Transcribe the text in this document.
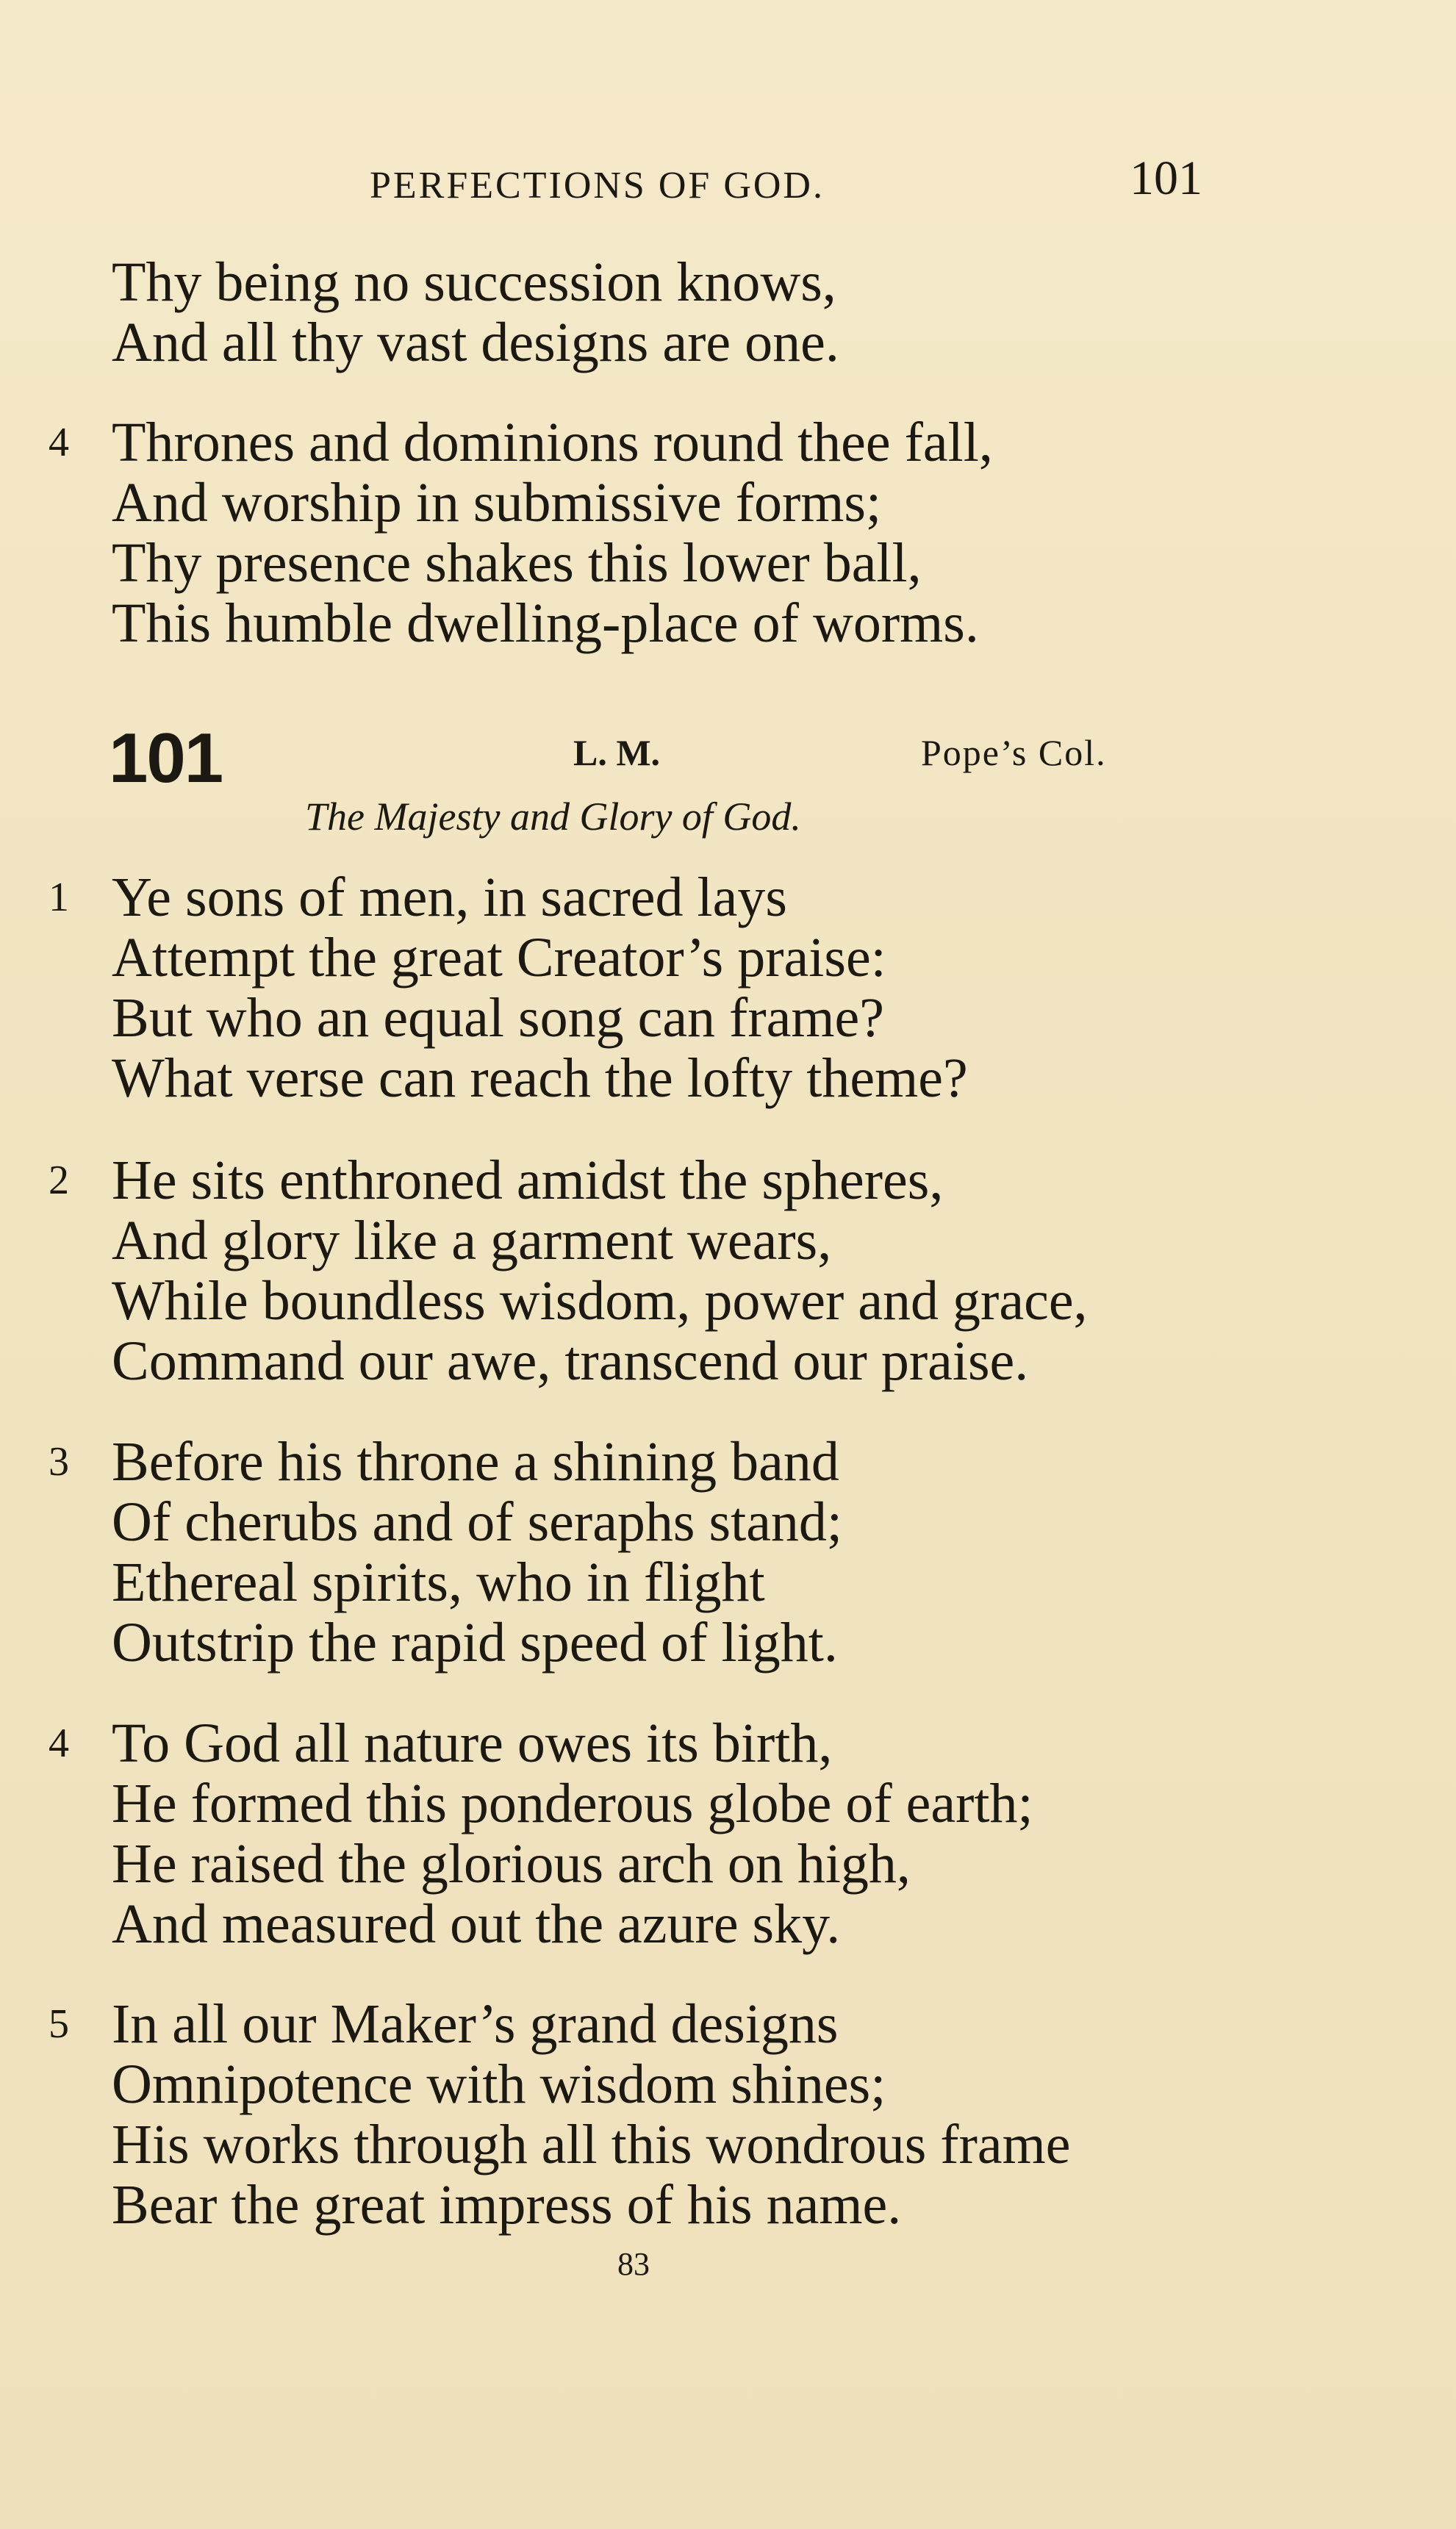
PERFECTIONS OF GOD.	101
Thy being no succession knows,
And all thy vast designs are one.
4 Thrones and dominions round thee fall,
And worship in submissive forms;
Thy presence shakes this lower ball,
This humble dwelling-place of worms.
101	L. M.	Pope’s Col.
The Majesty and Glory of God.
1 Ye sons of men, in sacred lays
Attempt the great Creator’s praise:
But who an equal song can frame?
What verse can reach the lofty theme?
2 He sits enthroned amidst the spheres,
And glory like a garment wears,
While boundless wisdom, power and grace,
Command our awe, transcend our praise.
3 Before his throne a shining band
Of cherubs and of seraphs stand;
Ethereal spirits, who in flight
Outstrip the rapid speed of light.
4 To God all nature owes its birth,
He formed this ponderous globe of earth;
He raised the glorious arch on high,
And measured out the azure sky.
5 In all our Maker’s grand designs
Omnipotence with wisdom shines;
His works through all this wondrous frame
Bear the great impress of his name.
83
